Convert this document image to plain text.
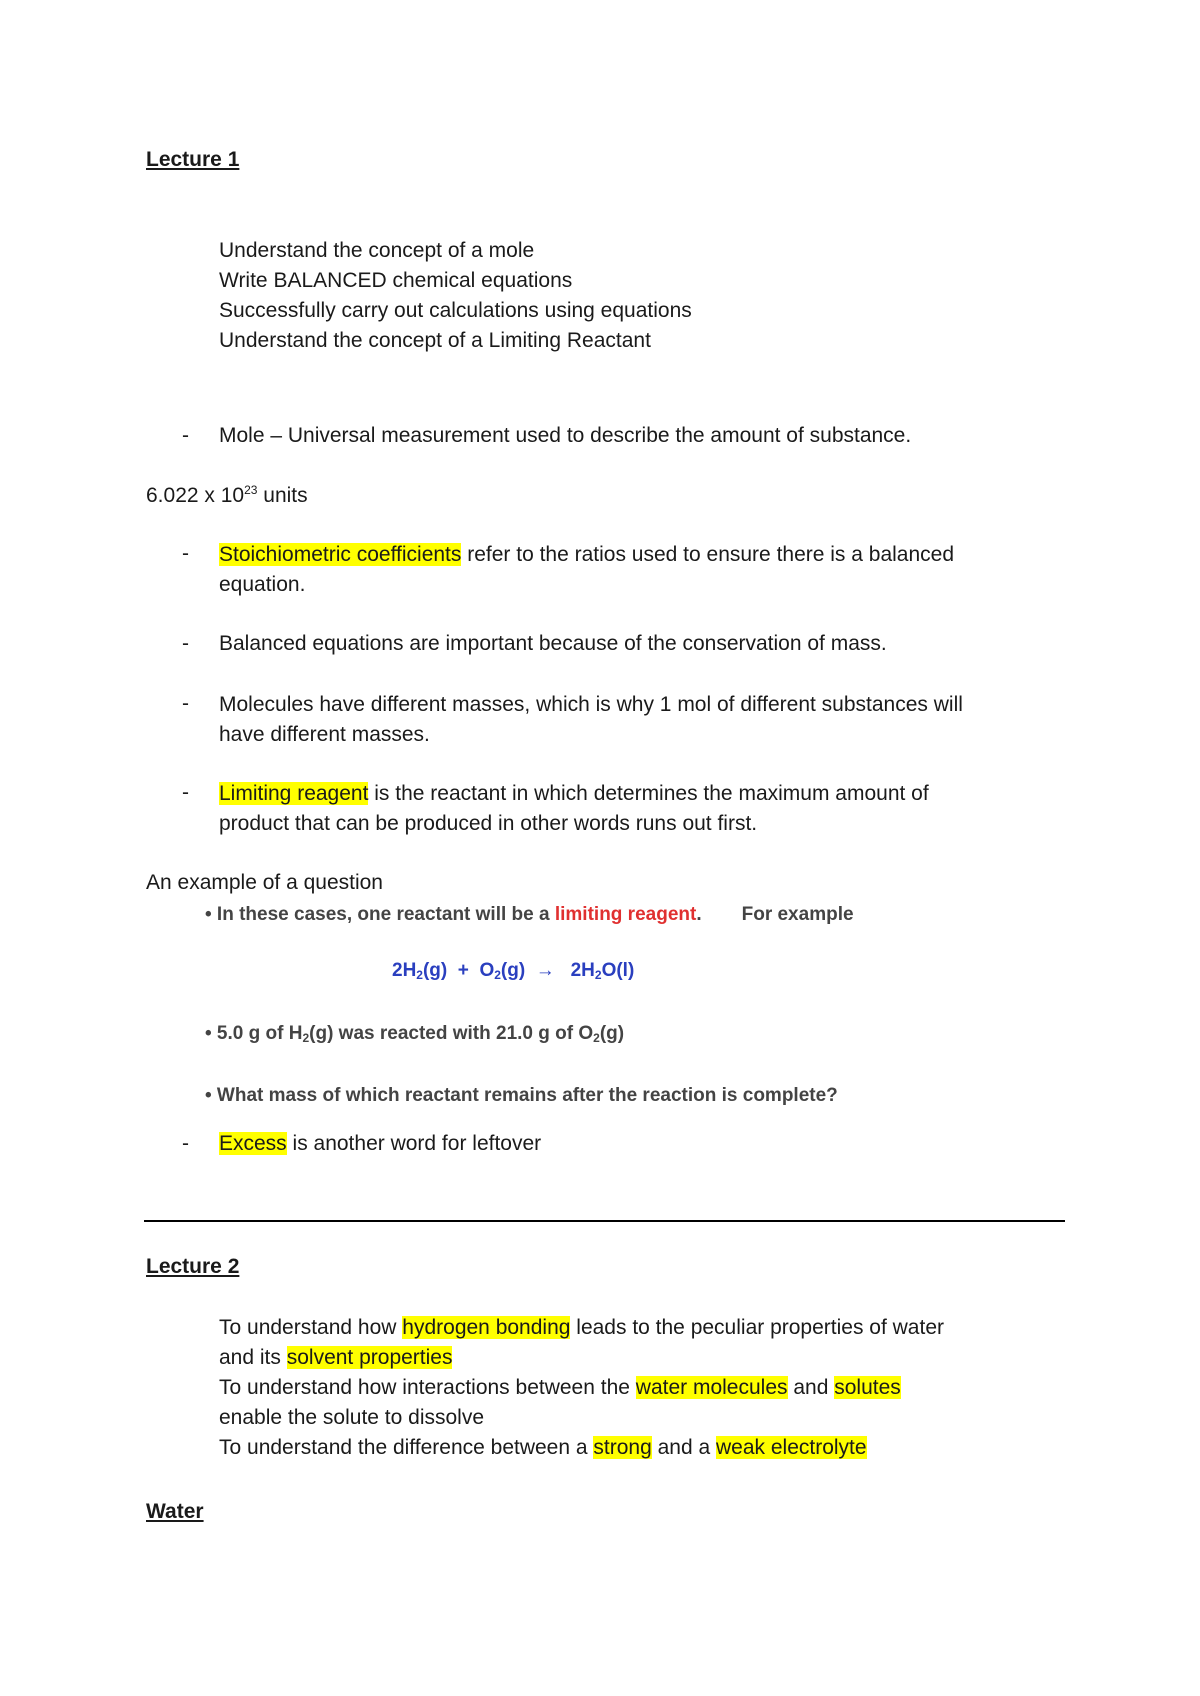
Lecture 1
Understand the concept of a mole
Write BALANCED chemical equations
Successfully carry out calculations using equations
Understand the concept of a Limiting Reactant
- Mole – Universal measurement used to describe the amount of substance.
6.022 x $10^{23}$ units
- Stoichiometric coefficients refer to the ratios used to ensure there is a balanced
equation.
- Balanced equations are important because of the conservation of mass.
- Molecules have different masses, which is why 1 mol of different substances will
have different masses.
- Limiting reagent is the reactant in which determines the maximum amount of
product that can be produced in other words runs out first.
An example of a question
• In these cases, one reactant will be a limiting reagent. For example
$2H_2(g) + O_2(g) \to 2H_2O(l)$
• 5.0 g of $H_2(g)$ was reacted with 21.0 g of $O_2(g)$
• What mass of which reactant remains after the reaction is complete?
- Excess is another word for leftover
Lecture 2
To understand how hydrogen bonding leads to the peculiar properties of water
and its solvent properties
To understand how interactions between the water molecules and solutes
enable the solute to dissolve
To understand the difference between a strong and a weak electrolyte
Water
